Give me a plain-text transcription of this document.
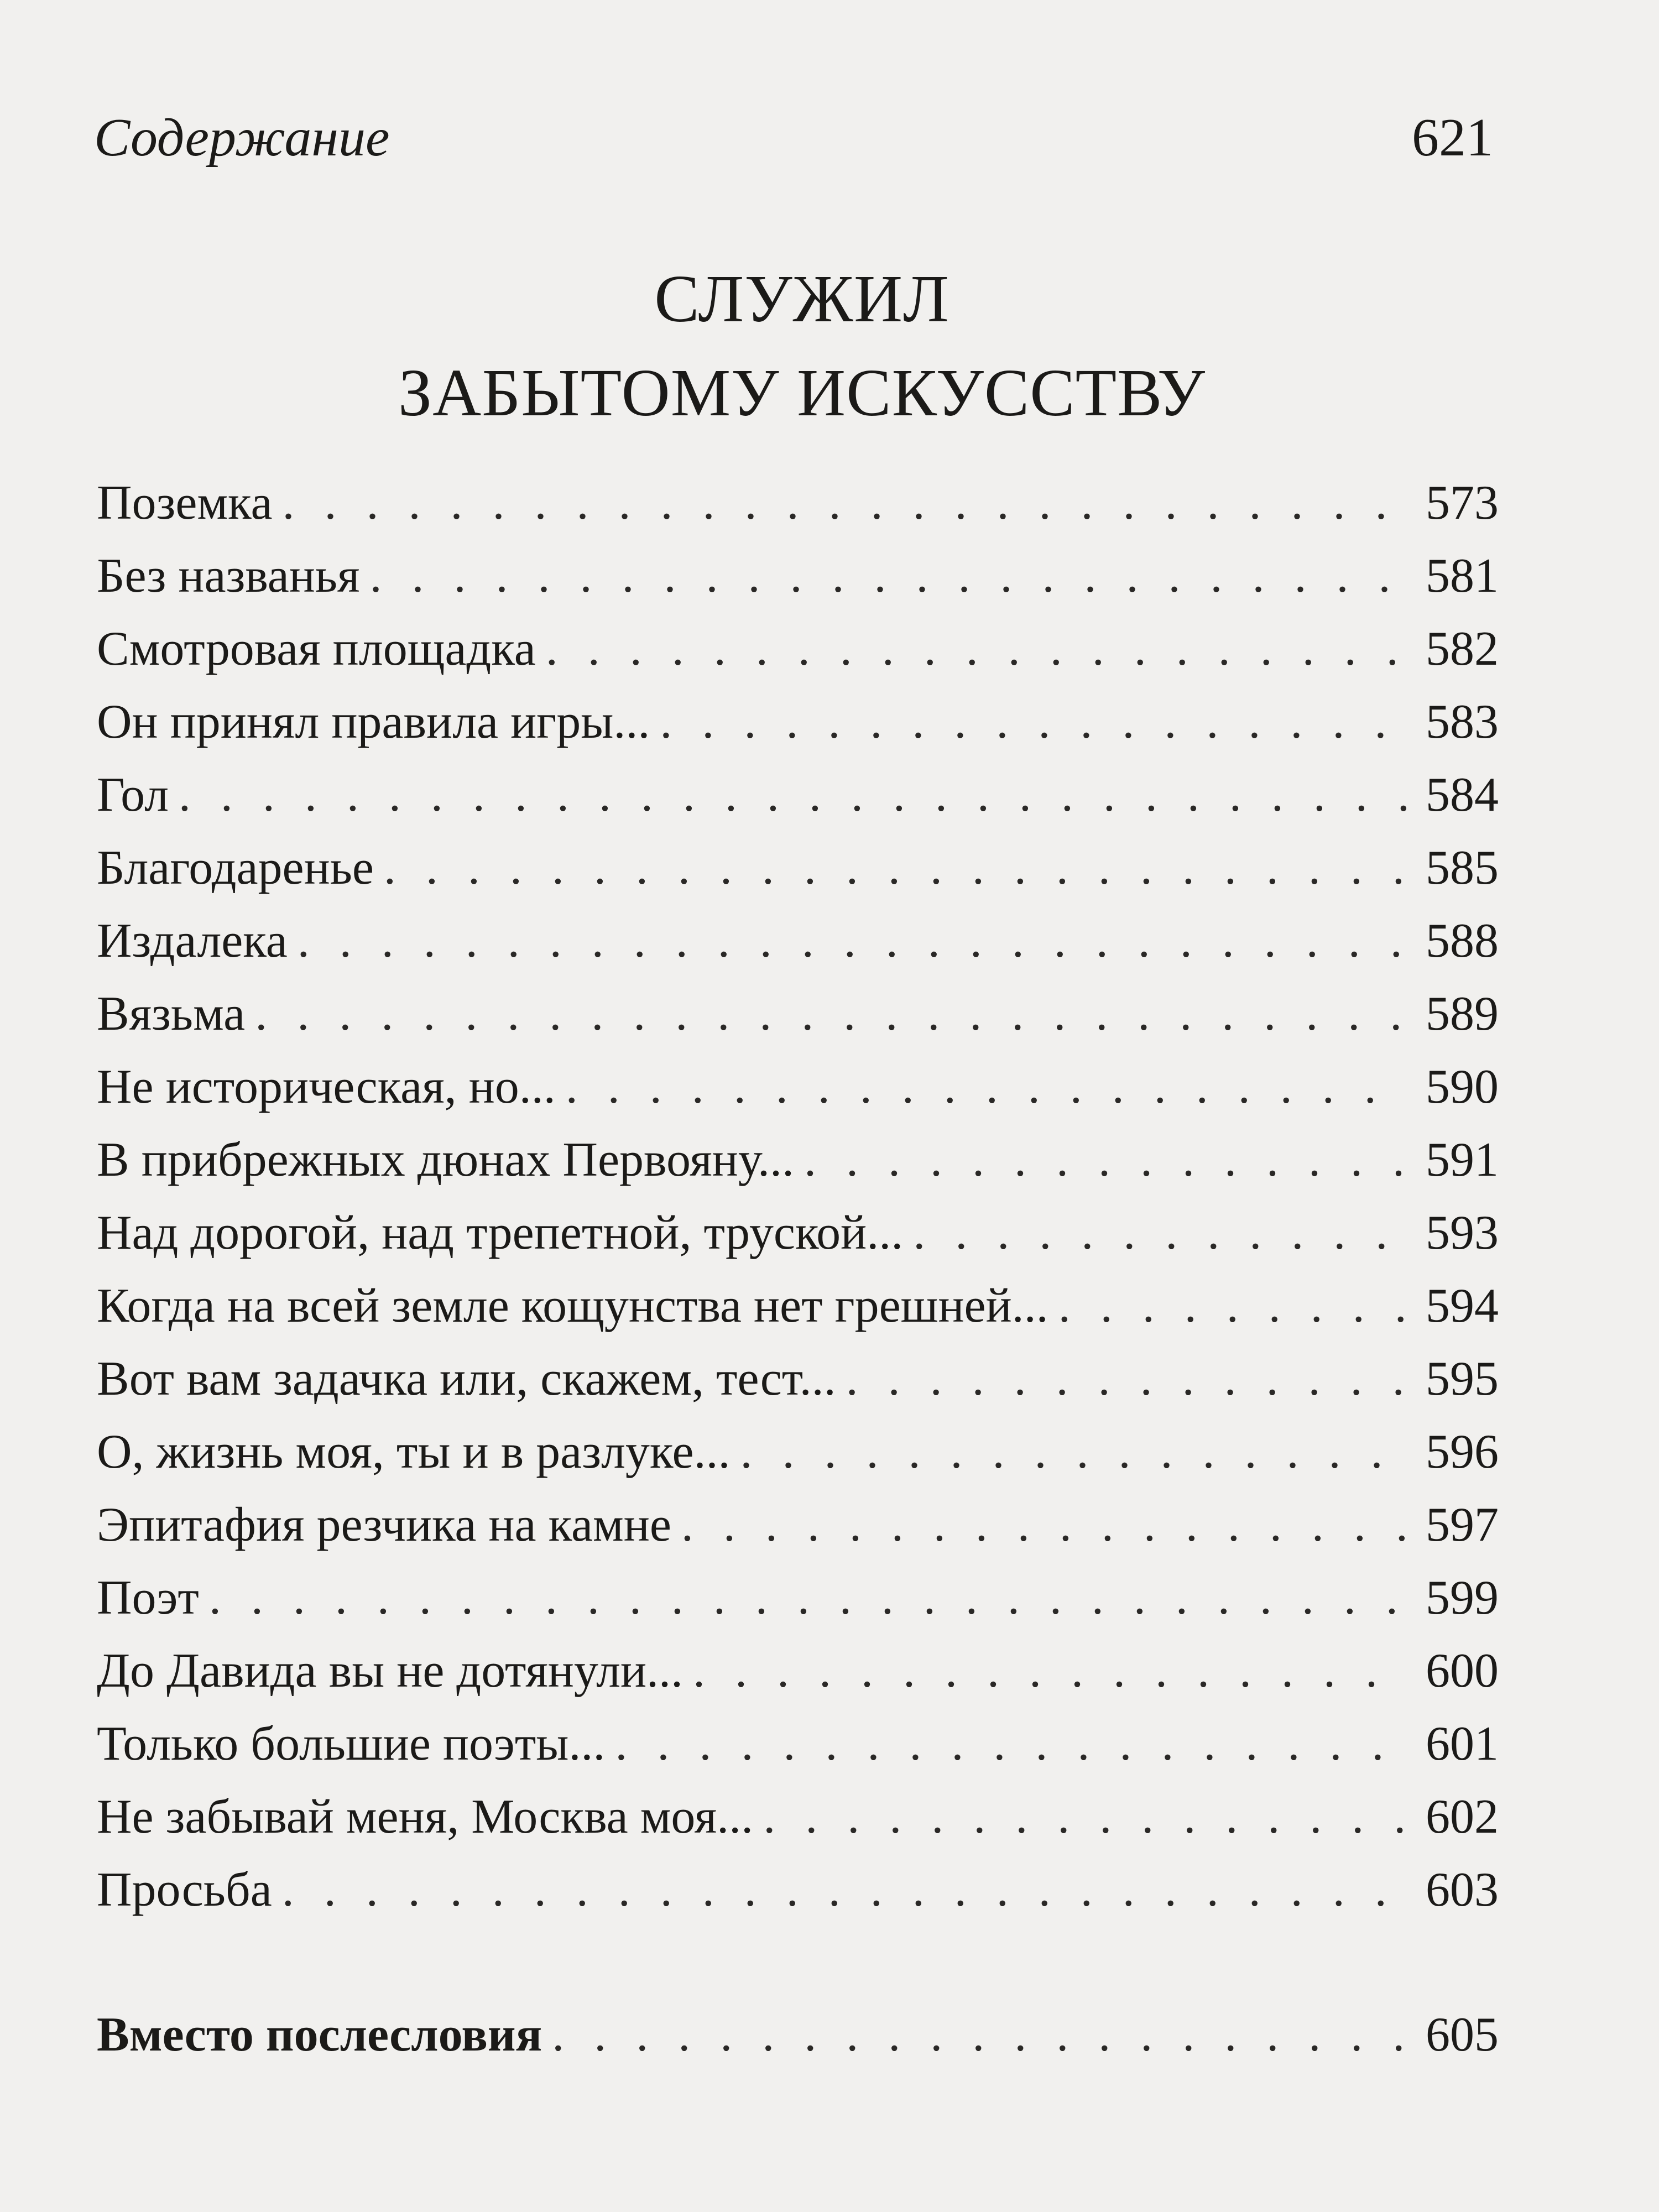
Содержание	621
СЛУЖИЛ
ЗАБЫТОМУ ИСКУССТВУ
Поземка . . .	573
Без названья . . .	581
Смотровая площадка . . .	582
Он принял правила игры... . . .	583
Гол . . .	584
Благодаренье . . .	585
Издалека . . .	588
Вязьма . . .	589
Не историческая, но... . . .	590
В прибрежных дюнах Первояну... . . .	591
Над дорогой, над трепетной, труской... . . .	593
Когда на всей земле кощунства нет грешней... . . .	594
Вот вам задачка или, скажем, тест... . . .	595
О, жизнь моя, ты и в разлуке... . . .	596
Эпитафия резчика на камне . . .	597
Поэт . . .	599
До Давида вы не дотянули... . . .	600
Только большие поэты... . . .	601
Не забывай меня, Москва моя... . . .	602
Просьба . . .	603
Вместо послесловия . . .	605
